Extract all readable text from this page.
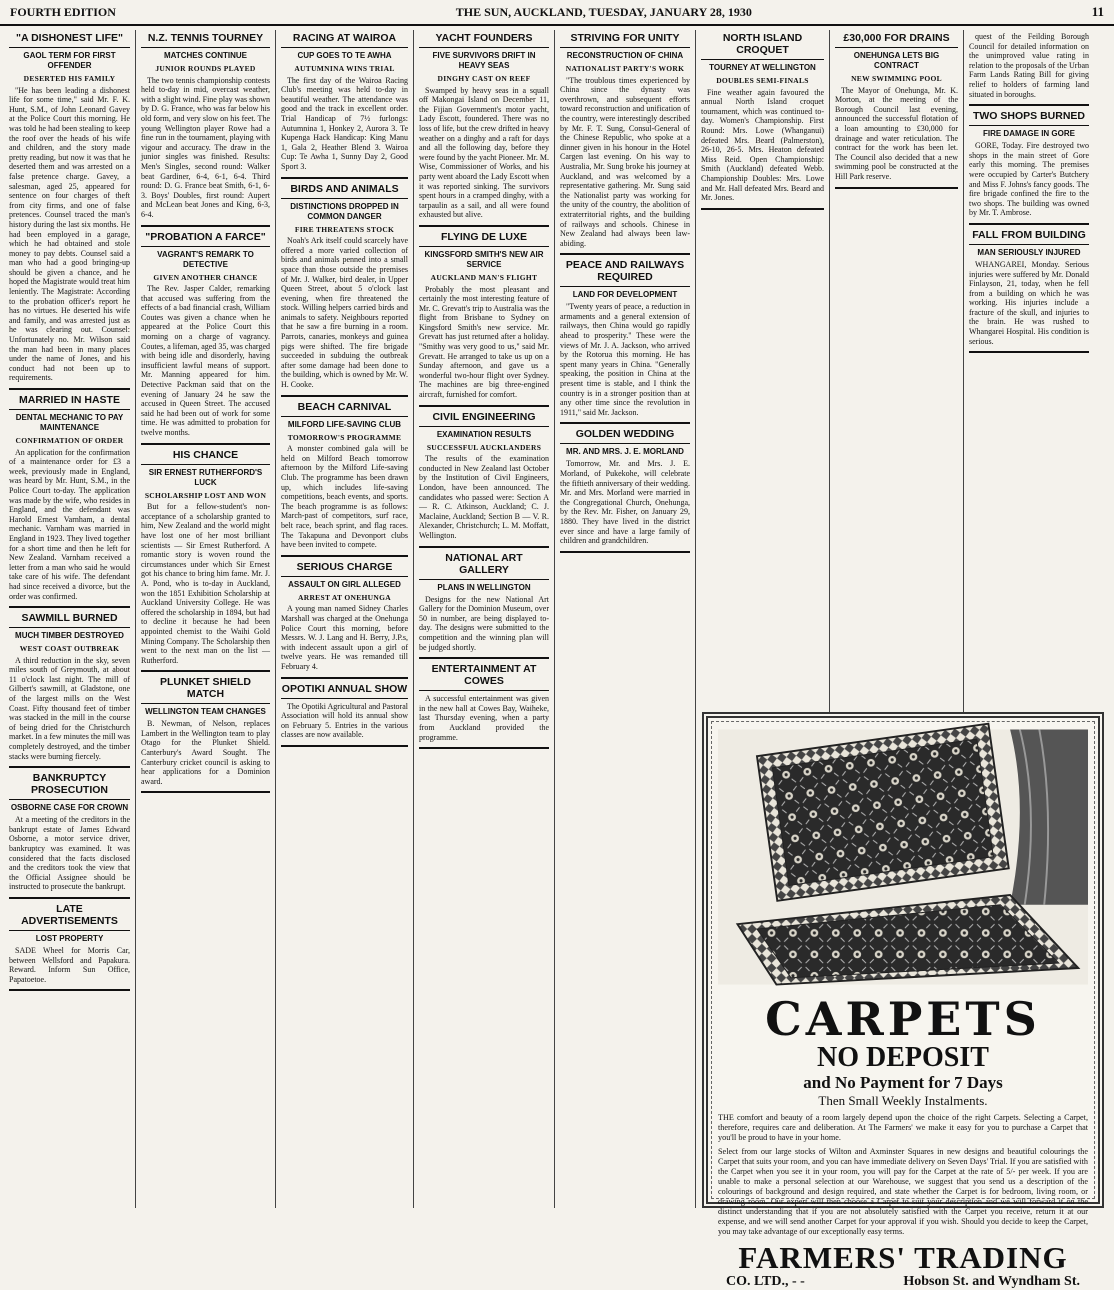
FOURTH EDITION	THE SUN, AUCKLAND, TUESDAY, JANUARY 28, 1930	11
"A DISHONEST LIFE"
GAOL TERM FOR FIRST OFFENDER
DESERTED HIS FAMILY

"He has been leading a dishonest life for some time," said Mr. F. K. Hunt, S.M., of John Leonard Gavey at the Police Court this morning. He was told he had been stealing to keep the roof over the heads of his wife and children, and the story made pretty reading, but now it was that he deserted them and was arrested on a false pretence charge. Gavey, a salesman, aged 25, appeared for sentence on four charges of theft from city firms, and one of false pretences. Counsel traced the man's history during the last six months. He had been employed in a garage, which he had obtained and stole money to pay debts. Counsel said a man who had a good bringing-up should be given a chance, and he hoped the Magistrate would treat him leniently. The Magistrate: According to the probation officer's report he has no virtues. He deserted his wife and family, and was arrested just as he was clearing out. Counsel: Unfortunately no. Mr. Wilson said the man had been in many places under the name of Jones, and his conduct had not been up to requirements.

MARRIED IN HASTE
DENTAL MECHANIC TO PAY MAINTENANCE
CONFIRMATION OF ORDER

An application for the confirmation of a maintenance order for £3 a week, previously made in England, was heard by Mr. Hunt, S.M., in the Police Court to-day. The application was made by the wife, who resides in England, and the defendant was Harold Ernest Varnham, a dental mechanic. Varnham was married in England in 1923. They lived together for a short time and then he left for New Zealand. Varnham received a letter from a man who said he would take care of his wife. The defendant had since received a divorce, but the order was confirmed.

SAWMILL BURNED
MUCH TIMBER DESTROYED
WEST COAST OUTBREAK

A third reduction in the sky, seven miles south of Greymouth, at about 11 o'clock last night. The mill of Gilbert's sawmill, at Gladstone, one of the largest mills on the West Coast. Fifty thousand feet of timber was stacked in the mill in the course of being dried for the Christchurch market. In a few minutes the mill was completely destroyed, and the timber stacks were burning fiercely.

BANKRUPTCY PROSECUTION
OSBORNE CASE FOR CROWN

At a meeting of the creditors in the bankrupt estate of James Edward Osborne, a motor service driver, bankruptcy was examined. It was considered that the facts disclosed and the creditors took the view that the Official Assignee should be instructed to prosecute the bankrupt.

LATE ADVERTISEMENTS
LOST PROPERTY

SADE Wheel for Morris Car, between Wellsford and Papakura. Reward. Inform Sun Office, Papatoetoe.

N.Z. TENNIS TOURNEY
MATCHES CONTINUE
JUNIOR ROUNDS PLAYED

The two tennis championship contests held to-day in mid, overcast weather, with a slight wind. Fine play was shown by D. G. France, who was far below his old form, and very slow on his feet. The young Wellington player Rowe had a fine run in the tournament, playing with vigour and accuracy. The draw in the junior singles was finished. Results: Men's Singles, second round: Walker beat Gardiner, 6-4, 6-1, 6-4. Third round: D. G. France beat Smith, 6-1, 6-3. Boys' Doubles, first round: Aupert and McLean beat Jones and King, 6-3, 6-4.

"PROBATION A FARCE"
VAGRANT'S REMARK TO DETECTIVE
GIVEN ANOTHER CHANCE

The Rev. Jasper Calder, remarking that accused was suffering from the effects of a bad financial crash, William Coutes was given a chance when he appeared at the Police Court this morning on a charge of vagrancy. Coutes, a lifeman, aged 35, was charged with being idle and disorderly, having insufficient lawful means of support. Mr. Manning appeared for him. Detective Packman said that on the evening of January 24 he saw the accused in Queen Street. The accused said he had been out of work for some time. He was admitted to probation for twelve months.

HIS CHANCE
SIR ERNEST RUTHERFORD'S LUCK
SCHOLARSHIP LOST AND WON

But for a fellow-student's non-acceptance of a scholarship granted to him, New Zealand and the world might have lost one of her most brilliant scientists — Sir Ernest Rutherford. A romantic story is woven round the circumstances under which Sir Ernest got his chance to bring him fame. Mr. J. A. Pond, who is to-day in Auckland, won the 1851 Exhibition Scholarship at Auckland University College. He was offered the scholarship in 1894, but had to decline it because he had been appointed chemist to the Waihi Gold Mining Company. The Scholarship then went to the next man on the list — Rutherford.

PLUNKET SHIELD MATCH
WELLINGTON TEAM CHANGES

B. Newman, of Nelson, replaces Lambert in the Wellington team to play Otago for the Plunket Shield. Canterbury's Award Sought. The Canterbury cricket council is asking to hear applications for a Dominion award.

RACING AT WAIROA
CUP GOES TO TE AWHA
AUTUMNINA WINS TRIAL

The first day of the Wairoa Racing Club's meeting was held to-day in beautiful weather. The attendance was good and the track in excellent order. Trial Handicap of 7½ furlongs: Autumnina 1, Honkey 2, Aurora 3. Te Kupenga Hack Handicap: King Manu 1, Gala 2, Heather Blend 3. Wairoa Cup: Te Awha 1, Sunny Day 2, Good Sport 3.

BIRDS AND ANIMALS
DISTINCTIONS DROPPED IN COMMON DANGER
FIRE THREATENS STOCK

Noah's Ark itself could scarcely have offered a more varied collection of birds and animals penned into a small space than those outside the premises of Mr. J. Walker, bird dealer, in Upper Queen Street, about 5 o'clock last evening, when fire threatened the stock. Willing helpers carried birds and animals to safety. Neighbours reported that he saw a fire burning in a room. Parrots, canaries, monkeys and guinea pigs were shifted. The fire brigade succeeded in subduing the outbreak after some damage had been done to the building, which is owned by Mr. W. H. Cooke.

BEACH CARNIVAL
MILFORD LIFE-SAVING CLUB
TOMORROW'S PROGRAMME

A monster combined gala will be held on Milford Beach tomorrow afternoon by the Milford Life-saving Club. The programme has been drawn up, which includes life-saving competitions, beach events, and sports. The beach programme is as follows: March-past of competitors, surf race, belt race, beach sprint, and flag races. The Takapuna and Devonport clubs have been invited to compete.

SERIOUS CHARGE
ASSAULT ON GIRL ALLEGED
ARREST AT ONEHUNGA

A young man named Sidney Charles Marshall was charged at the Onehunga Police Court this morning, before Messrs. W. J. Lang and H. Berry, J.P.s, with indecent assault upon a girl of twelve years. He was remanded till February 4.

OPOTIKI ANNUAL SHOW

The Opotiki Agricultural and Pastoral Association will hold its annual show on February 5. Entries in the various classes are now available.

YACHT FOUNDERS
FIVE SURVIVORS DRIFT IN HEAVY SEAS
DINGHY CAST ON REEF

Swamped by heavy seas in a squall off Makongai Island on December 11, the Fijian Government's motor yacht, Lady Escott, foundered. There was no loss of life, but the crew drifted in heavy weather on a dinghy and a raft for days and all the following day, before they were found by the yacht Pioneer. Mr. M. Wise, Commissioner of Works, and his party went aboard the Lady Escott when it was reported sinking. The survivors spent hours in a cramped dinghy, with a tarpaulin as a sail, and all were found exhausted but alive.

FLYING DE LUXE
KINGSFORD SMITH'S NEW AIR SERVICE
AUCKLAND MAN'S FLIGHT

Probably the most pleasant and certainly the most interesting feature of Mr. C. Grevatt's trip to Australia was the flight from Brisbane to Sydney on Kingsford Smith's new service. Mr. Grevatt has just returned after a holiday. "Smithy was very good to us," said Mr. Grevatt. He arranged to take us up on a Sunday afternoon, and gave us a wonderful two-hour flight over Sydney. The machines are big three-engined aircraft, furnished for comfort.

CIVIL ENGINEERING
EXAMINATION RESULTS
SUCCESSFUL AUCKLANDERS

The results of the examination conducted in New Zealand last October by the Institution of Civil Engineers, London, have been announced. The candidates who passed were: Section A — R. C. Atkinson, Auckland; C. J. Maclaine, Auckland; Section B — V. R. Alexander, Christchurch; L. M. Moffatt, Wellington.

NATIONAL ART GALLERY
PLANS IN WELLINGTON

Designs for the new National Art Gallery for the Dominion Museum, over 50 in number, are being displayed to-day. The designs were submitted to the competition and the winning plan will be judged shortly.

ENTERTAINMENT AT COWES

A successful entertainment was given in the new hall at Cowes Bay, Waiheke, last Thursday evening, when a party from Auckland provided the programme.

STRIVING FOR UNITY
RECONSTRUCTION OF CHINA
NATIONALIST PARTY'S WORK

"The troublous times experienced by China since the dynasty was overthrown, and subsequent efforts toward reconstruction and unification of the country, were interestingly described by Mr. F. T. Sung, Consul-General of the Chinese Republic, who spoke at a dinner given in his honour in the Hotel Cargen last evening. On his way to Australia, Mr. Sung broke his journey at Auckland, and was welcomed by a representative gathering. Mr. Sung said the Nationalist party was working for the unity of the country, the abolition of extraterritorial rights, and the building of railways and schools. Chinese in New Zealand had always been law-abiding.

PEACE AND RAILWAYS REQUIRED
LAND FOR DEVELOPMENT

"Twenty years of peace, a reduction in armaments and a general extension of railways, then China would go rapidly ahead to prosperity." These were the views of Mr. J. A. Jackson, who arrived by the Rotorua this morning. He has spent many years in China. "Generally speaking, the position in China at the present time is stable, and I think the country is in a stronger position than at any other time since the revolution in 1911," said Mr. Jackson.

GOLDEN WEDDING
MR. AND MRS. J. E. MORLAND

Tomorrow, Mr. and Mrs. J. E. Morland, of Pukekohe, will celebrate the fiftieth anniversary of their wedding. Mr. and Mrs. Morland were married in the Congregational Church, Onehunga, by the Rev. Mr. Fisher, on January 29, 1880. They have lived in the district ever since and have a large family of children and grandchildren.

NORTH ISLAND CROQUET
TOURNEY AT WELLINGTON
DOUBLES SEMI-FINALS

Fine weather again favoured the annual North Island croquet tournament, which was continued to-day. Women's Championship. First Round: Mrs. Lowe (Whanganui) defeated Mrs. Beard (Palmerston), 26-10, 26-5. Mrs. Heaton defeated Miss Reid. Open Championship: Smith (Auckland) defeated Webb. Championship Doubles: Mrs. Lowe and Mr. Hall defeated Mrs. Beard and Mr. Jones.

£30,000 FOR DRAINS
ONEHUNGA LETS BIG CONTRACT
NEW SWIMMING POOL

The Mayor of Onehunga, Mr. K. Morton, at the meeting of the Borough Council last evening, announced the successful flotation of a loan amounting to £30,000 for drainage and water reticulation. The contract for the work has been let. The Council also decided that a new swimming pool be constructed at the Hill Park reserve.

quest of the Feilding Borough Council for detailed information on the unimproved value rating in relation to the proposals of the Urban Farm Lands Rating Bill for giving relief to holders of farming land situated in boroughs.

TWO SHOPS BURNED
FIRE DAMAGE IN GORE

GORE, Today. Fire destroyed two shops in the main street of Gore early this morning. The premises were occupied by Carter's Butchery and Miss F. Johns's fancy goods. The fire brigade confined the fire to the two shops. The building was owned by Mr. T. Ambrose.

FALL FROM BUILDING
MAN SERIOUSLY INJURED

WHANGAREI, Monday. Serious injuries were suffered by Mr. Donald Finlayson, 21, today, when he fell from a building on which he was working. His injuries include a fracture of the skull, and injuries to the brain. He was rushed to Whangarei Hospital. His condition is serious.

CARPETS
NO DEPOSIT
and No Payment for 7 Days
Then Small Weekly Instalments.
THE comfort and beauty of a room largely depend upon the choice of the right Carpets. Selecting a Carpet, therefore, requires care and deliberation. At The Farmers' we make it easy for you to purchase a Carpet that you'll be proud to have in your home.
Select from our large stocks of Wilton and Axminster Squares in new designs and beautiful colourings the Carpet that suits your room, and you can have immediate delivery on Seven Days' Trial. If you are satisfied with the Carpet when you see it in your room, you will pay for the Carpet at the rate of 5/- per week. If you are unable to make a personal selection at our Warehouse, we suggest that you send us a description of the colourings of background and design required, and state whether the Carpet is for bedroom, living room, or drawing room. Our expert will then choose a Carpet to suit your description and we will forward it on the distinct understanding that if you are not absolutely satisfied with the Carpet you receive, return it at our expense, and we will send another Carpet for your approval if you wish. Should you decide to keep the Carpet, you may take advantage of our exceptionally easy terms.
FARMERS' TRADING
CO. LTD., - -	Hobson St. and Wyndham St.
